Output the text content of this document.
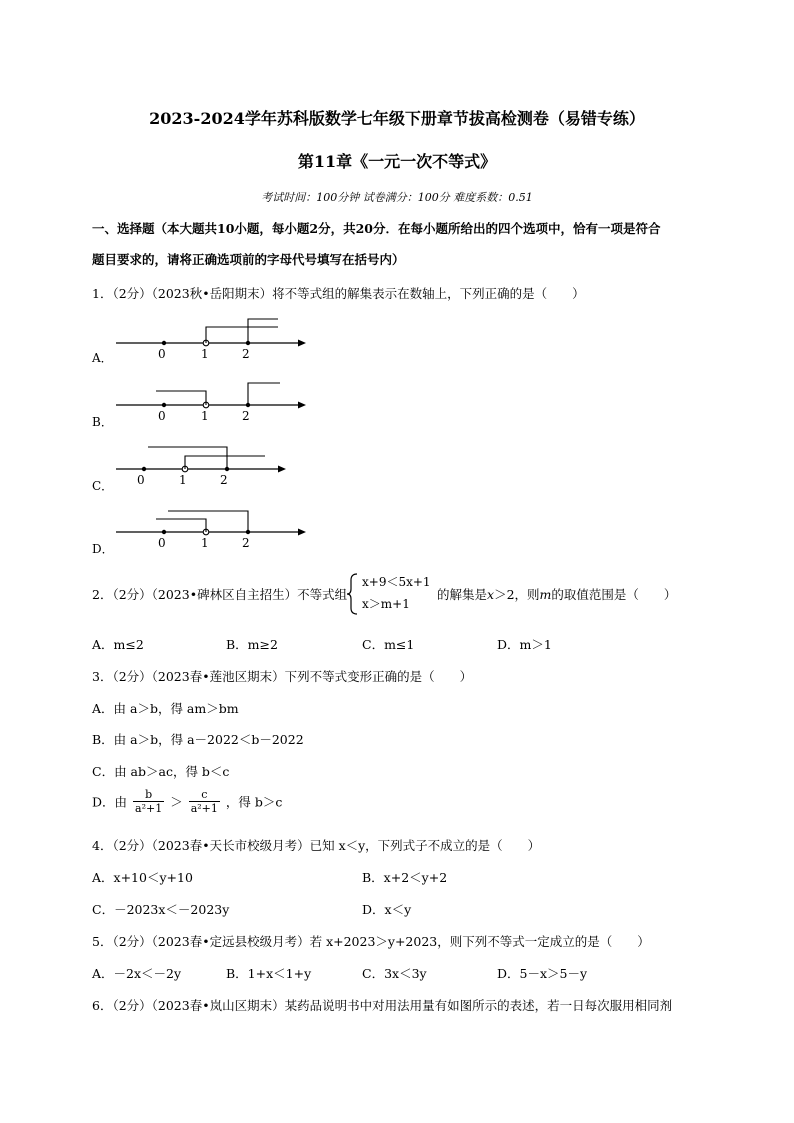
2023-2024学年苏科版数学七年级下册章节拔高检测卷（易错专练）
第11章《一元一次不等式》
考试时间：100分钟 试卷满分：100分 难度系数：0.51
一、选择题（本大题共10小题，每小题2分，共20分．在每小题所给出的四个选项中，恰有一项是符合
题目要求的，请将正确选项前的字母代号填写在括号内）
1．（2分）（2023秋•岳阳期末）将不等式组的解集表示在数轴上，下列正确的是（　　）
A．	0	1	2
B．	0	1	2
C． 0	1	2
D．	0	1	2
2．（2分）（2023•碑林区自主招生）不等式组
x+9＜5x+1
x＞m+1
的解集是x＞2，则m的取值范围是（　　）
A．m≤2	B．m≥2	C．m≤1	D．m＞1
3．（2分）（2023春•莲池区期末）下列不等式变形正确的是（　　）
A．由 a＞b，得 am＞bm
B．由 a＞b，得 a－2022＜b－2022
C．由 ab＞ac，得 b＜c
D．由 $\frac{b}{\text{a²+1}} > \frac{c}{\text{a²+1}}$ ，得 b＞c
4．（2分）（2023春•天长市校级月考）已知 x＜y，下列式子不成立的是（　　）
A．x+10＜y+10	B．x+2＜y+2
C．－2023x＜－2023y	D．x＜y
5．（2分）（2023春•定远县校级月考）若 x+2023＞y+2023，则下列不等式一定成立的是（　　）
A．－2x＜－2y	B．1+x＜1+y	C．3x＜3y	D．5－x＞5－y
6．（2分）（2023春•岚山区期末）某药品说明书中对用法用量有如图所示的表述，若一日每次服用相同剂
